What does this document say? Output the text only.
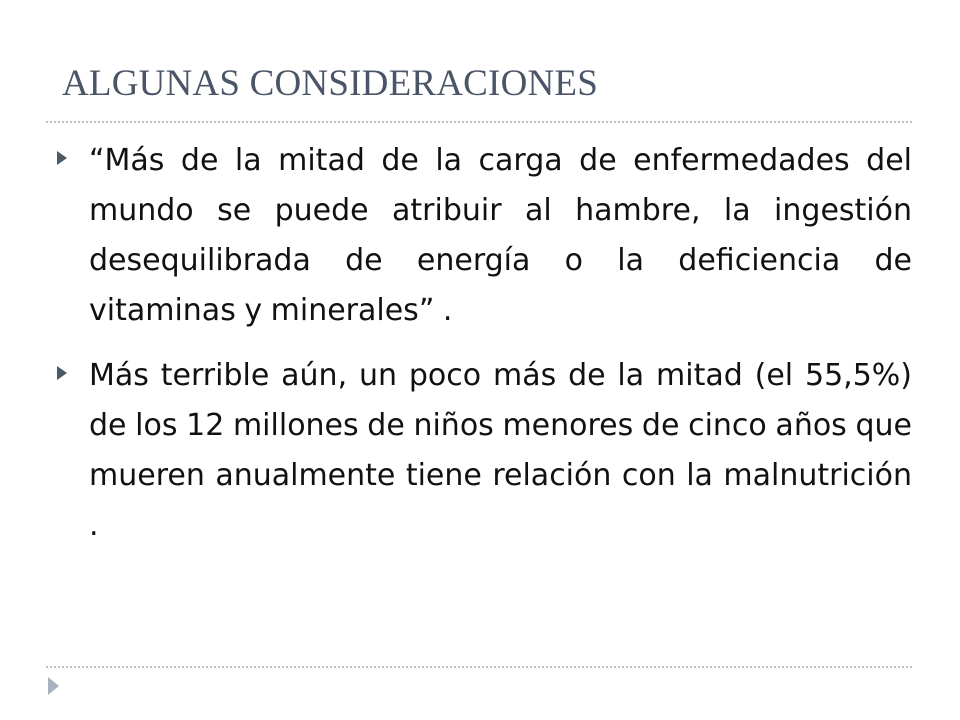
ALGUNAS CONSIDERACIONES
“Más de la mitad de la carga de enfermedades del mundo se puede atribuir al hambre, la ingestión desequilibrada de energía o la deficiencia de vitaminas y minerales” .
Más terrible aún, un poco más de la mitad (el 55,5%) de los 12 millones de niños menores de cinco años que mueren anualmente tiene relación con la malnutrición .
